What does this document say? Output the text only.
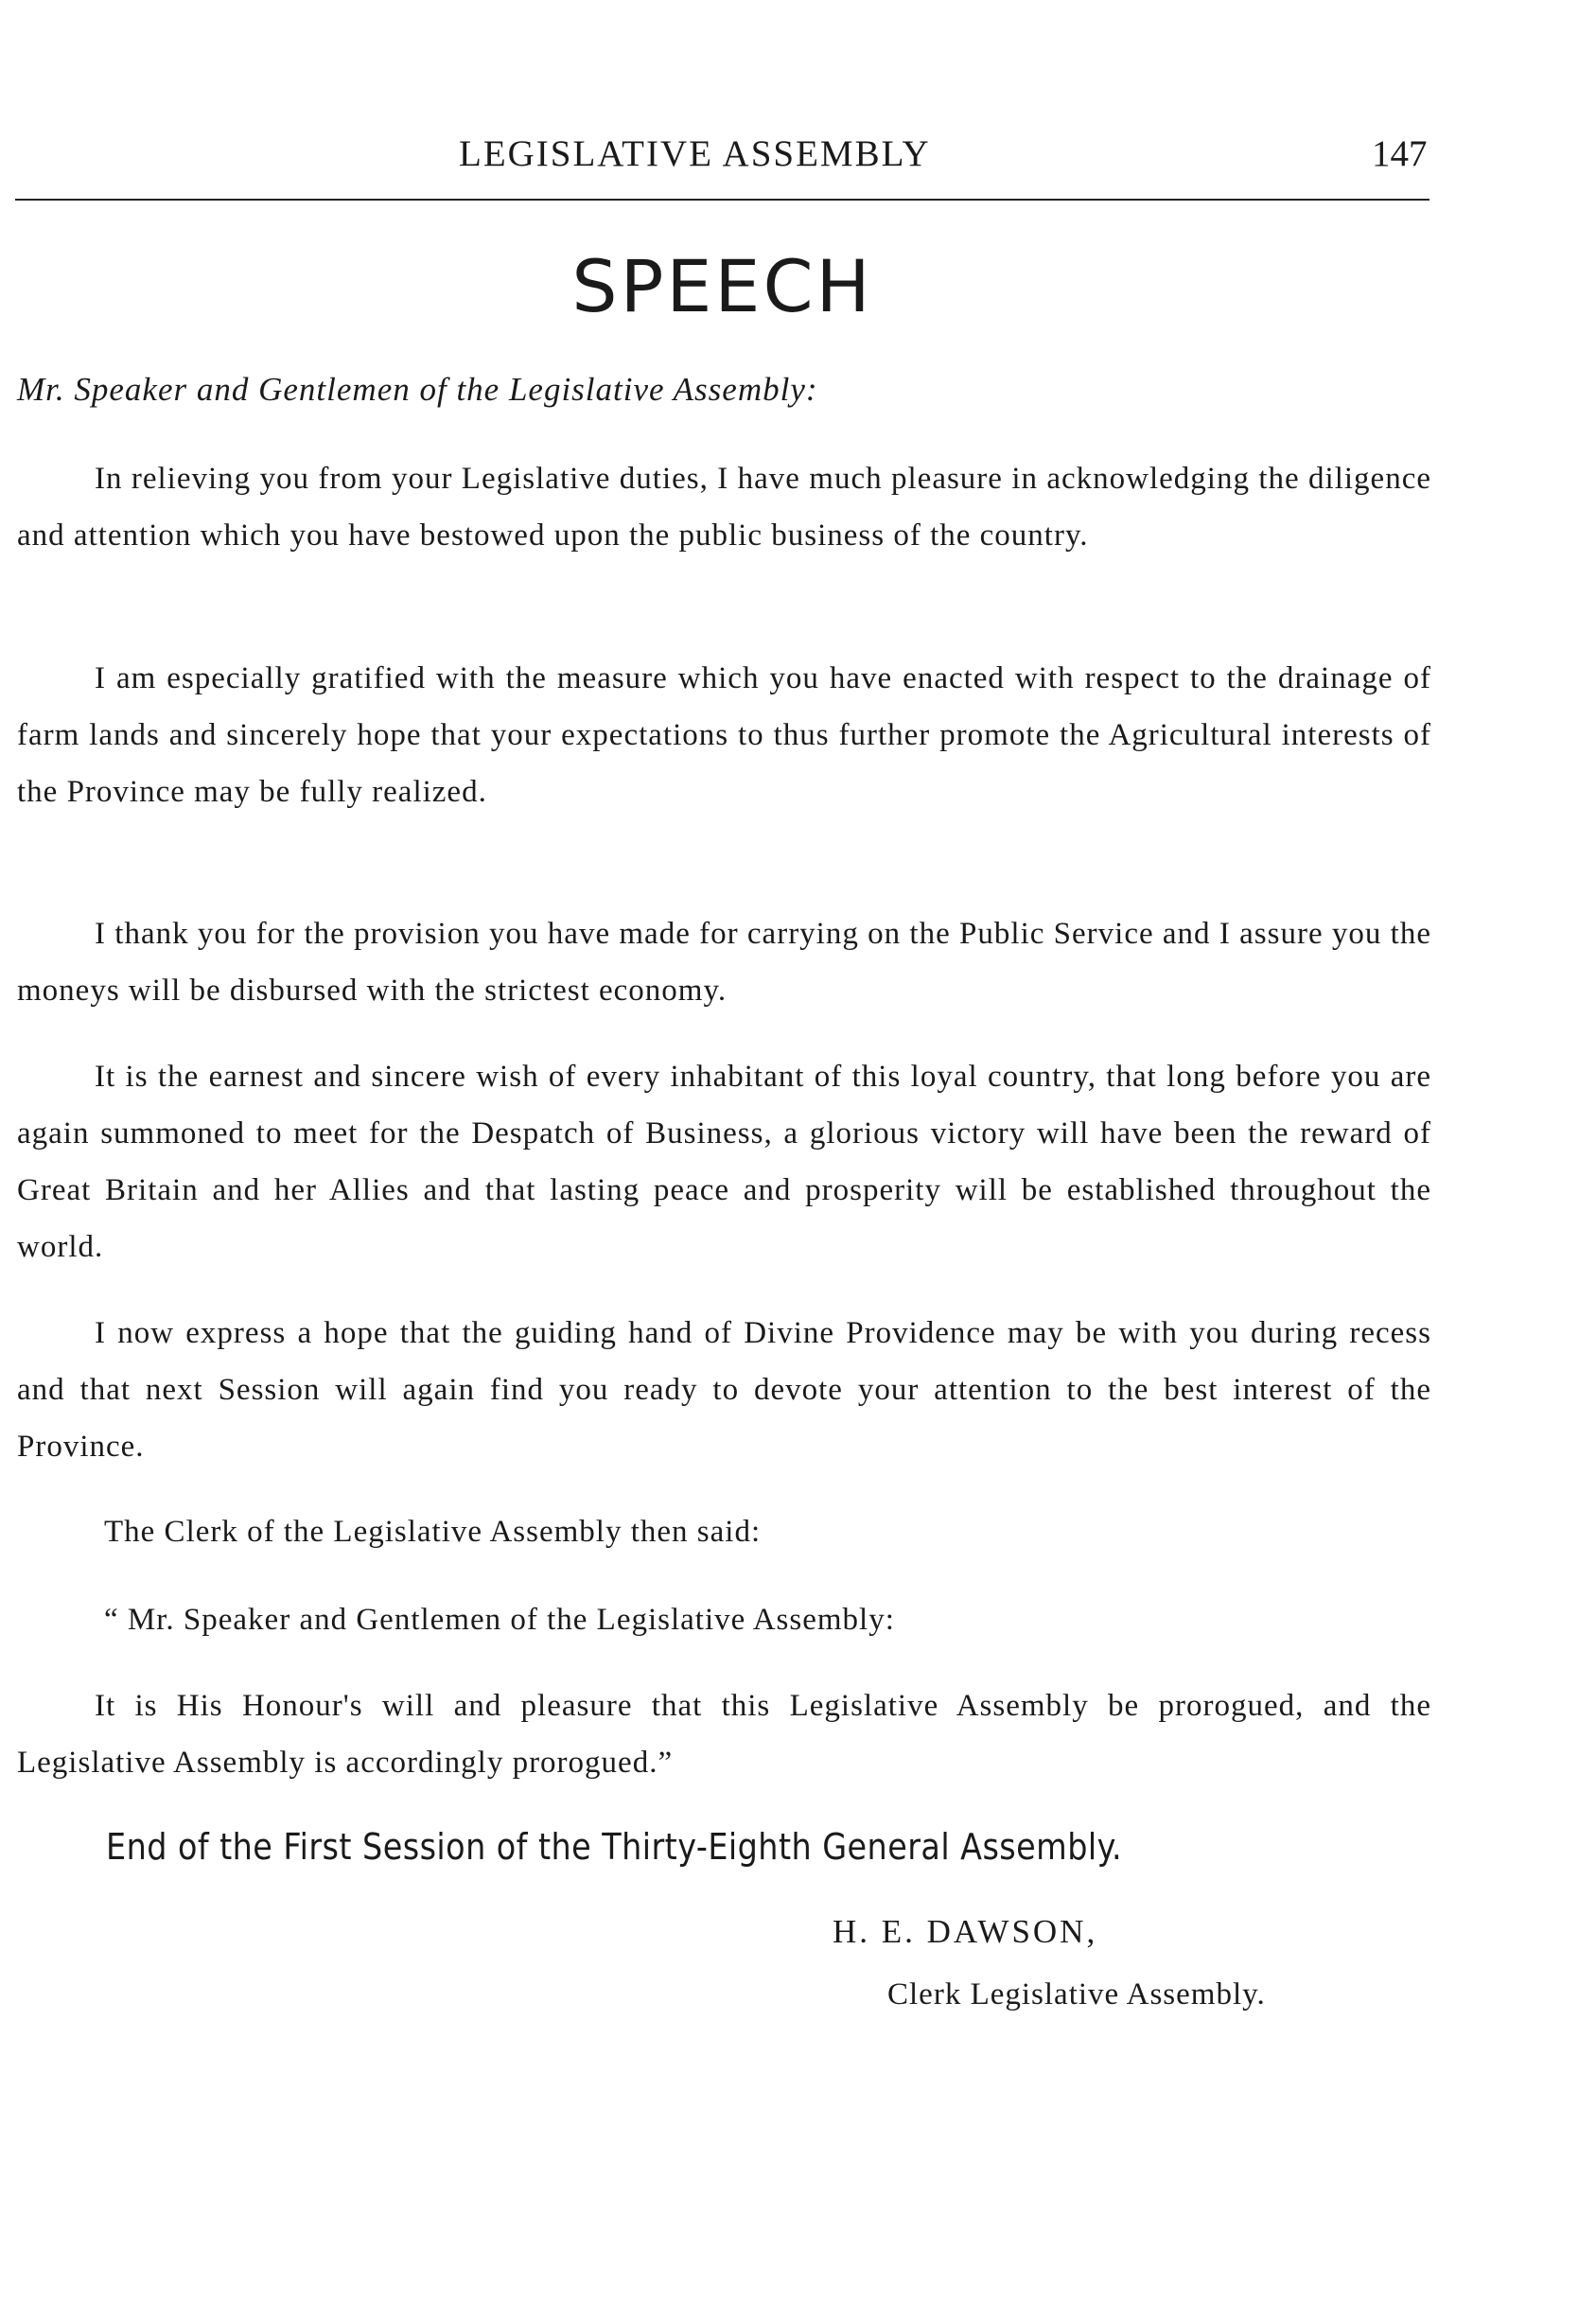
LEGISLATIVE ASSEMBLY	147
SPEECH
Mr. Speaker and Gentlemen of the Legislative Assembly:

In relieving you from your Legislative duties, I have much pleasure in acknowledging the diligence and attention which you have bestowed upon the public business of the country.

I am especially gratified with the measure which you have enacted with respect to the drainage of farm lands and sincerely hope that your expectations to thus further promote the Agricultural interests of the Province may be fully realized.

I thank you for the provision you have made for carrying on the Public Service and I assure you the moneys will be disbursed with the strictest economy.

It is the earnest and sincere wish of every inhabitant of this loyal country, that long before you are again summoned to meet for the Despatch of Business, a glorious victory will have been the reward of Great Britain and her Allies and that lasting peace and prosperity will be established throughout the world.

I now express a hope that the guiding hand of Divine Providence may be with you during recess and that next Session will again find you ready to devote your attention to the best interest of the Province.

The Clerk of the Legislative Assembly then said:

“ Mr. Speaker and Gentlemen of the Legislative Assembly:

It is His Honour's will and pleasure that this Legislative Assembly be prorogued, and the Legislative Assembly is accordingly prorogued.”

End of the First Session of the Thirty-Eighth General Assembly.
H. E. DAWSON,
Clerk Legislative Assembly.
